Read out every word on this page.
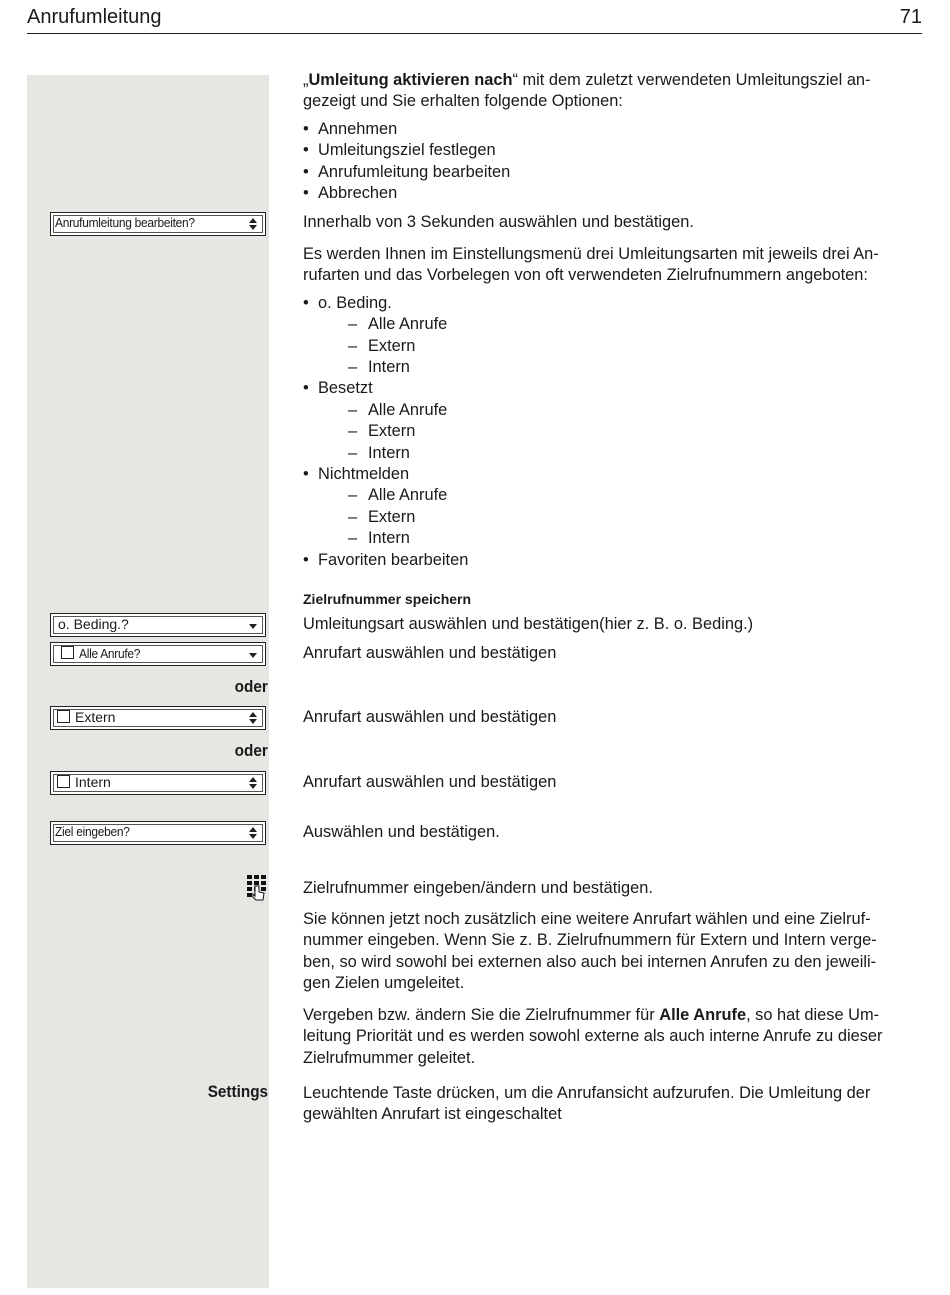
Anrufumleitung	71

„Umleitung aktivieren nach“ mit dem zuletzt verwendeten Umleitungsziel an-

gezeigt und Sie erhalten folgende Optionen:

• Annehmen
• Umleitungsziel festlegen
• Anrufumleitung bearbeiten
• Abbrechen
Anrufumleitung bearbeiten?	Innerhalb von 3 Sekunden auswählen und bestätigen.

Es werden Ihnen im Einstellungsmenü drei Umleitungsarten mit jeweils drei An-

rufarten und das Vorbelegen von oft verwendeten Zielrufnummern angeboten:

• o. Beding.
– Alle Anrufe
– Extern
– Intern
• Besetzt
– Alle Anrufe
– Extern
– Intern
• Nichtmelden
– Alle Anrufe
– Extern
– Intern
• Favoriten bearbeiten
Zielrufnummer speichern
o. Beding.?	Umleitungsart auswählen und bestätigen(hier z. B. o. Beding.)
Alle Anrufe?	Anrufart auswählen und bestätigen
oder
Extern	Anrufart auswählen und bestätigen
oder
Intern	Anrufart auswählen und bestätigen
Ziel eingeben?	Auswählen und bestätigen.
Zielrufnummer eingeben/ändern und bestätigen.

Sie können jetzt noch zusätzlich eine weitere Anrufart wählen und eine Zielruf-

nummer eingeben. Wenn Sie z. B. Zielrufnummern für Extern und Intern verge-

ben, so wird sowohl bei externen also auch bei internen Anrufen zu den jeweili-

gen Zielen umgeleitet.

Vergeben bzw. ändern Sie die Zielrufnummer für Alle Anrufe, so hat diese Um-

leitung Priorität und es werden sowohl externe als auch interne Anrufe zu dieser

Zielrufmummer geleitet.

Settings Leuchtende Taste drücken, um die Anrufansicht aufzurufen. Die Umleitung der

gewählten Anrufart ist eingeschaltet
